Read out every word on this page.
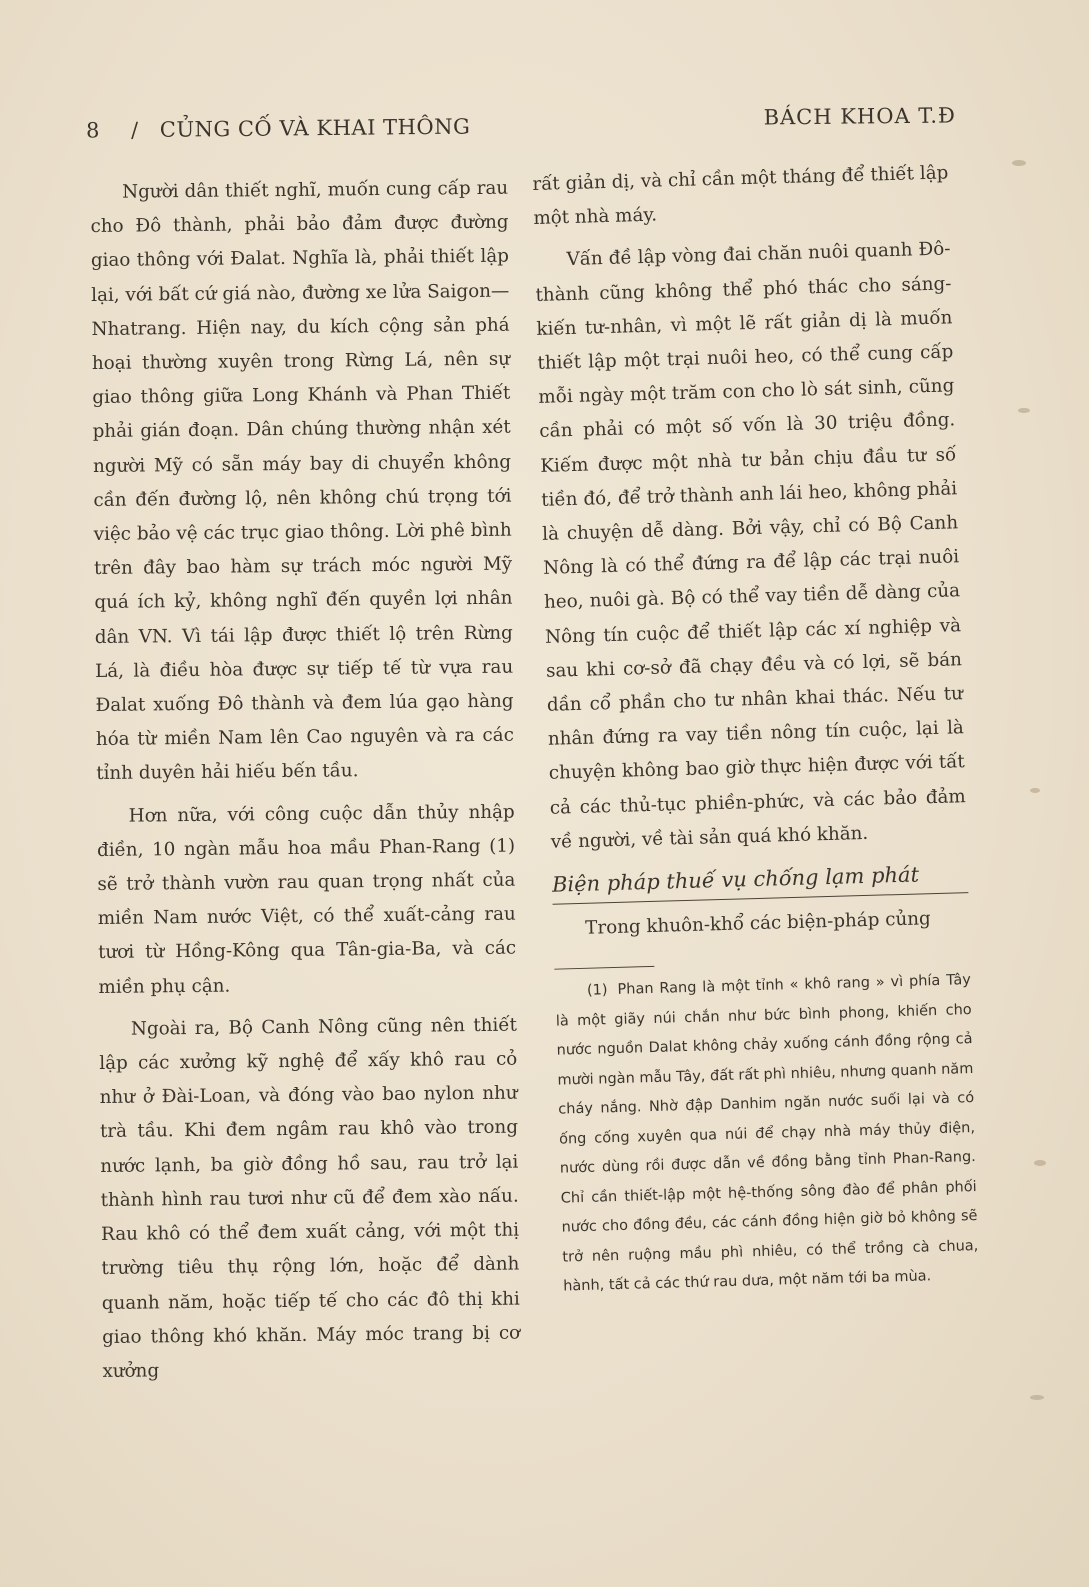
8 / CỦNG CỐ VÀ KHAI THÔNG	BÁCH KHOA T.Đ

Người dân thiết nghĩ, muốn cung cấp rau cho Đô thành, phải bảo đảm được đường giao thông với Đalat. Nghĩa là, phải thiết lập lại, với bất cứ giá nào, đường xe lửa Saigon—Nhatrang. Hiện nay, du kích cộng sản phá hoại thường xuyên trong Rừng Lá, nên sự giao thông giữa Long Khánh và Phan Thiết phải gián đoạn. Dân chúng thường nhận xét người Mỹ có sẵn máy bay di chuyển không cần đến đường lộ, nên không chú trọng tới việc bảo vệ các trục giao thông. Lời phê bình trên đây bao hàm sự trách móc người Mỹ quá ích kỷ, không nghĩ đến quyền lợi nhân dân VN. Vì tái lập được thiết lộ trên Rừng Lá, là điều hòa được sự tiếp tế từ vựa rau Đalat xuống Đô thành và đem lúa gạo hàng hóa từ miền Nam lên Cao nguyên và ra các tỉnh duyên hải hiếu bến tầu.

Hơn nữa, với công cuộc dẫn thủy nhập điền, 10 ngàn mẫu hoa mầu Phan-Rang (1) sẽ trở thành vườn rau quan trọng nhất của miền Nam nước Việt, có thể xuất-cảng rau tươi từ Hồng-Kông qua Tân-gia-Ba, và các miền phụ cận.

Ngoài ra, Bộ Canh Nông cũng nên thiết lập các xưởng kỹ nghệ để xấy khô rau cỏ như ở Đài-Loan, và đóng vào bao nylon như trà tầu. Khi đem ngâm rau khô vào trong nước lạnh, ba giờ đồng hồ sau, rau trở lại thành hình rau tươi như cũ để đem xào nấu. Rau khô có thể đem xuất cảng, với một thị trường tiêu thụ rộng lớn, hoặc để dành quanh năm, hoặc tiếp tế cho các đô thị khi giao thông khó khăn. Máy móc trang bị cơ xưởng

rất giản dị, và chỉ cần một tháng để thiết lập một nhà máy.

Vấn đề lập vòng đai chăn nuôi quanh Đô-thành cũng không thể phó thác cho sáng-kiến tư-nhân, vì một lẽ rất giản dị là muốn thiết lập một trại nuôi heo, có thể cung cấp mỗi ngày một trăm con cho lò sát sinh, cũng cần phải có một số vốn là 30 triệu đồng. Kiếm được một nhà tư bản chịu đầu tư số tiền đó, để trở thành anh lái heo, không phải là chuyện dễ dàng. Bởi vậy, chỉ có Bộ Canh Nông là có thể đứng ra để lập các trại nuôi heo, nuôi gà. Bộ có thể vay tiền dễ dàng của Nông tín cuộc để thiết lập các xí nghiệp và sau khi cơ-sở đã chạy đều và có lợi, sẽ bán dần cổ phần cho tư nhân khai thác. Nếu tư nhân đứng ra vay tiền nông tín cuộc, lại là chuyện không bao giờ thực hiện được với tất cả các thủ-tục phiền-phức, và các bảo đảm về người, về tài sản quá khó khăn.

Biện pháp thuế vụ chống lạm phát

Trong khuôn-khổ các biện-pháp củng

(1) Phan Rang là một tỉnh « khô rang » vì phía Tây là một giãy núi chắn như bức bình phong, khiến cho nước nguồn Dalat không chảy xuống cánh đồng rộng cả mười ngàn mẫu Tây, đất rất phì nhiêu, nhưng quanh năm cháy nắng. Nhờ đập Danhim ngăn nước suối lại và có ống cống xuyên qua núi để chạy nhà máy thủy điện, nước dùng rồi được dẫn về đồng bằng tỉnh Phan-Rang. Chỉ cần thiết-lập một hệ-thống sông đào để phân phối nước cho đồng đều, các cánh đồng hiện giờ bỏ không sẽ trở nên ruộng mầu phì nhiêu, có thể trồng cà chua, hành, tất cả các thứ rau dưa, một năm tới ba mùa.
